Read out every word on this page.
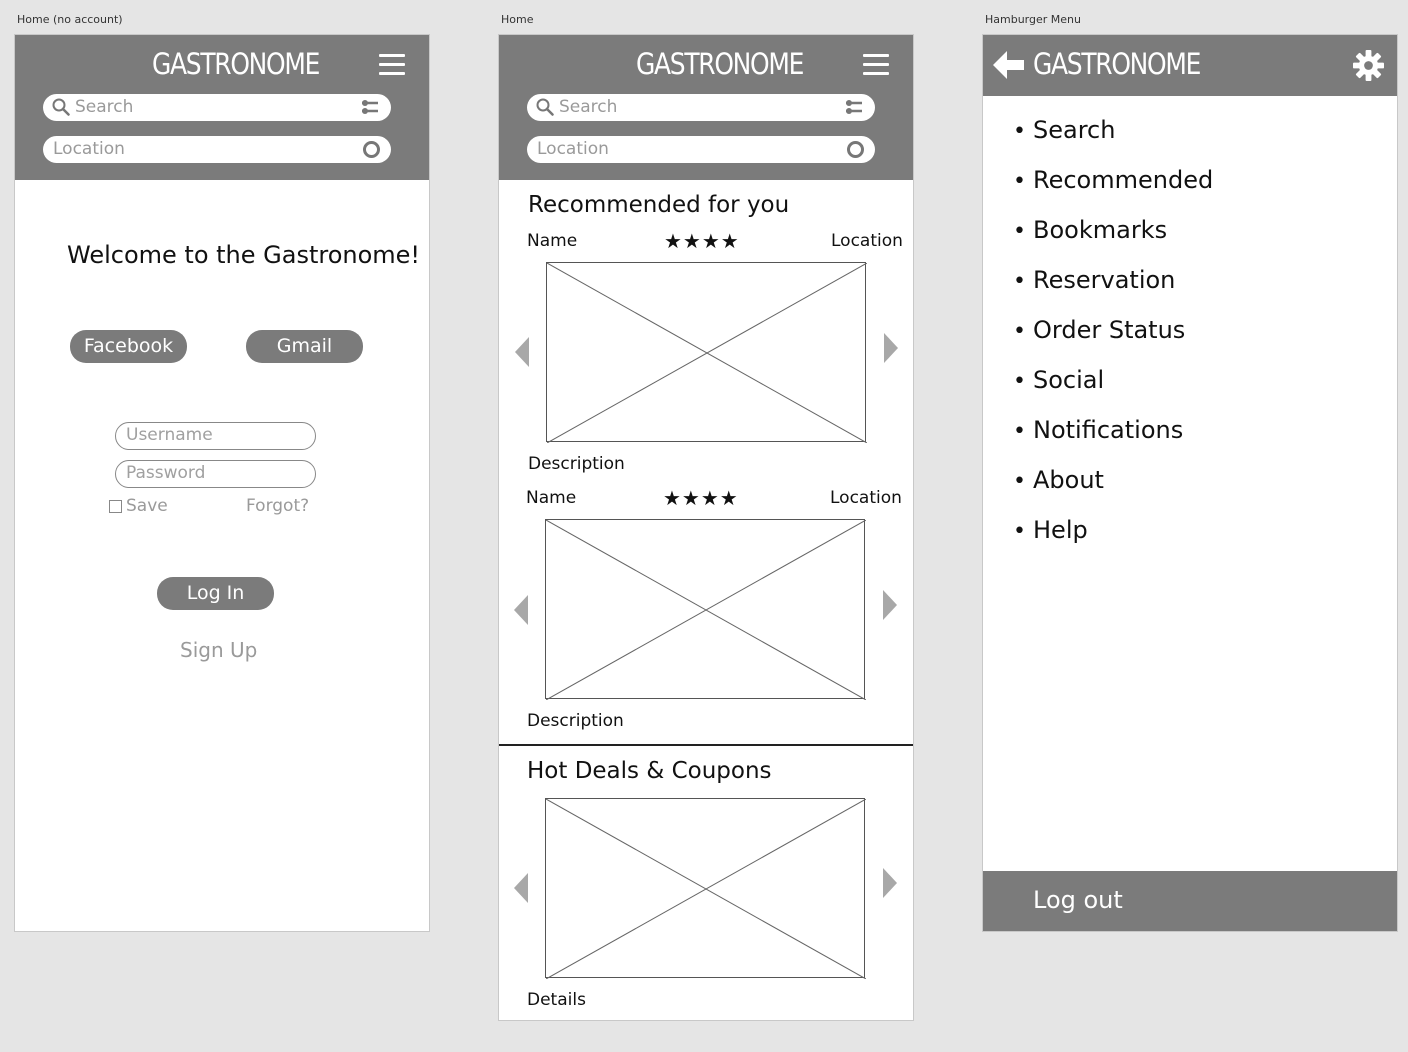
Home (no account)	Home	Hamburger Menu
GASTRONOME
Search
Location
Welcome to the Gastronome!
Facebook	Gmail
Username
Password
Save	Forgot?
Log In
Sign Up
GASTRONOME
Search
Location
Recommended for you
Name	★★★★	Location
Description
Name	★★★★	Location
Description
Hot Deals & Coupons
Details
GASTRONOME
• Search
• Recommended
• Bookmarks
• Reservation
• Order Status
• Social
• Notifications
• About
• Help
Log out
